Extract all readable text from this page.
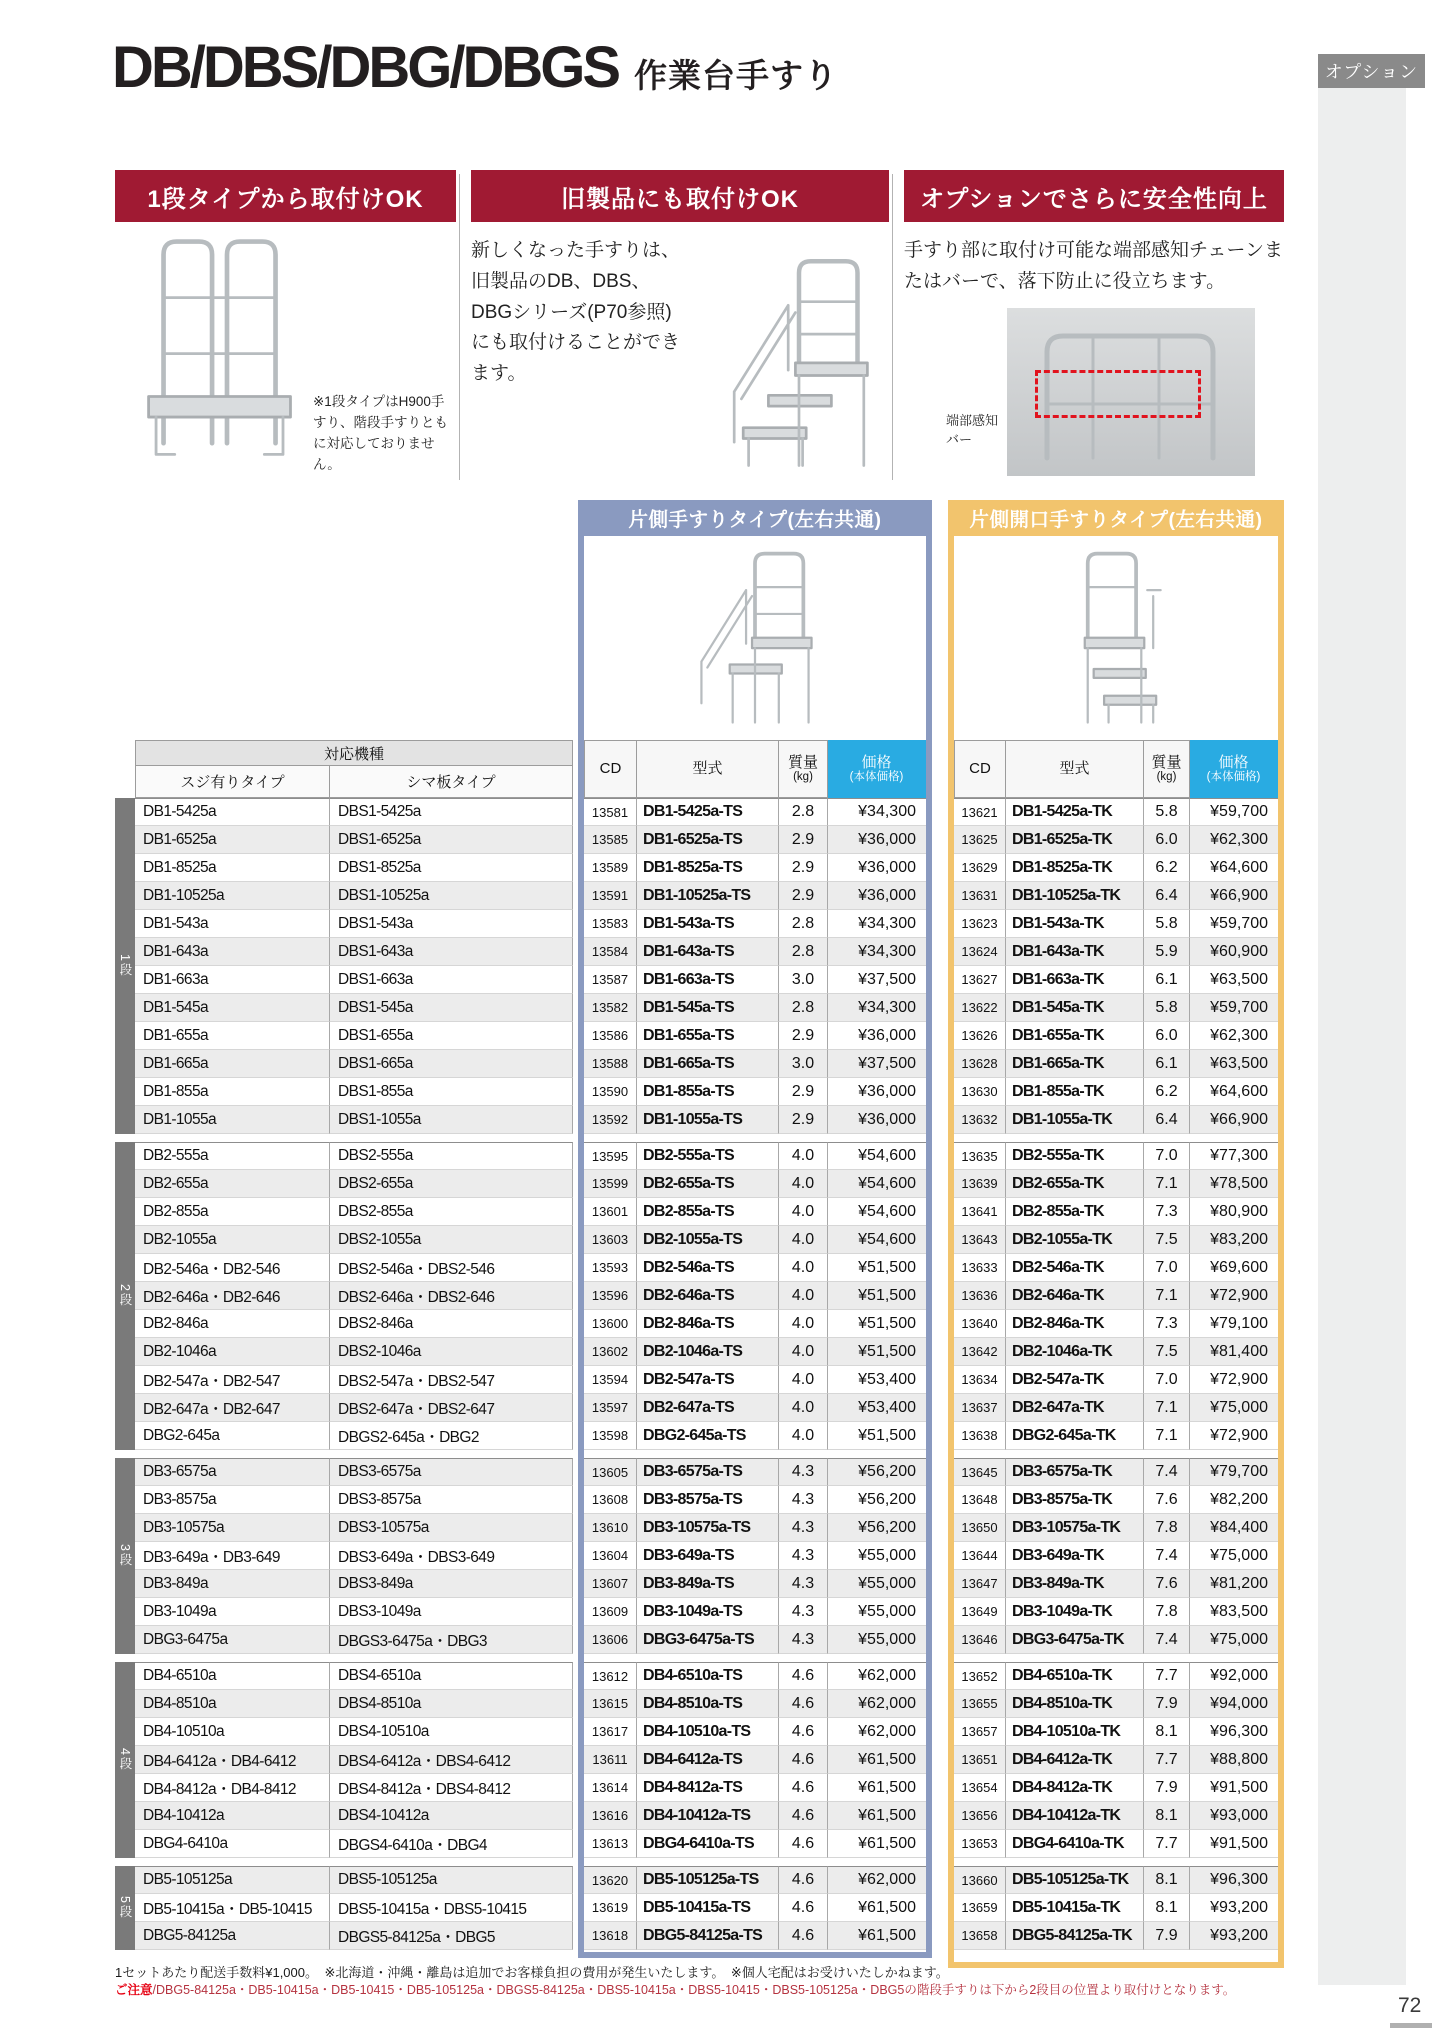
オプション
DB/DBS/DBG/DBGS 作業台手すり
1段タイプから取付けOK
※1段タイプはH900手すり、階段手すりともに対応しておりません。
旧製品にも取付けOK
新しくなった手すりは、旧製品のDB、DBS、DBGシリーズ(P70参照)にも取付けることができます。
オプションでさらに安全性向上
手すり部に取付け可能な端部感知チェーンまたはバーで、落下防止に役立ちます。
端部感知バー
片側手すりタイプ(左右共通)	片側開口手すりタイプ(左右共通)
対応機種
スジ有りタイプ	シマ板タイプ
CD	型式	質量
(kg)
価格
(本体価格)	CD	型式	質量
(kg)
価格
(本体価格)
DB1-5425a	DBS1-5425a	13581 DB1-5425a-TS	2.8	¥34,300	13621 DB1-5425a-TK	5.8	¥59,700
DB1-6525a	DBS1-6525a	13585 DB1-6525a-TS	2.9	¥36,000	13625 DB1-6525a-TK	6.0	¥62,300
DB1-8525a	DBS1-8525a	13589 DB1-8525a-TS	2.9	¥36,000	13629 DB1-8525a-TK	6.2	¥64,600
DB1-10525a	DBS1-10525a	13591 DB1-10525a-TS	2.9	¥36,000	13631 DB1-10525a-TK	6.4	¥66,900
DB1-543a	DBS1-543a	13583 DB1-543a-TS	2.8	¥34,300	13623 DB1-543a-TK	5.8	¥59,700
DB1-643a	DBS1-643a	13584 DB1-643a-TS	2.8	¥34,300	13624 DB1-643a-TK	5.9	¥60,900
DB1-663a	DBS1-663a	13587 DB1-663a-TS	3.0	¥37,500	13627 DB1-663a-TK	6.1	¥63,500
DB1-545a	DBS1-545a	13582 DB1-545a-TS	2.8	¥34,300	13622 DB1-545a-TK	5.8	¥59,700
DB1-655a	DBS1-655a	13586 DB1-655a-TS	2.9	¥36,000	13626 DB1-655a-TK	6.0	¥62,300
DB1-665a	DBS1-665a	13588 DB1-665a-TS	3.0	¥37,500	13628 DB1-665a-TK	6.1	¥63,500
DB1-855a	DBS1-855a	13590 DB1-855a-TS	2.9	¥36,000	13630 DB1-855a-TK	6.2	¥64,600
DB1-1055a	DBS1-1055a	13592 DB1-1055a-TS	2.9	¥36,000	13632 DB1-1055a-TK	6.4	¥66,900
1段
DB2-555a	DBS2-555a	13595 DB2-555a-TS	4.0	¥54,600	13635 DB2-555a-TK	7.0	¥77,300
DB2-655a	DBS2-655a	13599 DB2-655a-TS	4.0	¥54,600	13639 DB2-655a-TK	7.1	¥78,500
DB2-855a	DBS2-855a	13601 DB2-855a-TS	4.0	¥54,600	13641 DB2-855a-TK	7.3	¥80,900
DB2-1055a	DBS2-1055a	13603 DB2-1055a-TS	4.0	¥54,600	13643 DB2-1055a-TK	7.5	¥83,200
DB2-546a・DB2-546	DBS2-546a・DBS2-546	13593 DB2-546a-TS	4.0	¥51,500	13633 DB2-546a-TK	7.0	¥69,600
DB2-646a・DB2-646	DBS2-646a・DBS2-646	13596 DB2-646a-TS	4.0	¥51,500	13636 DB2-646a-TK	7.1	¥72,900
DB2-846a	DBS2-846a	13600 DB2-846a-TS	4.0	¥51,500	13640 DB2-846a-TK	7.3	¥79,100
DB2-1046a	DBS2-1046a	13602 DB2-1046a-TS	4.0	¥51,500	13642 DB2-1046a-TK	7.5	¥81,400
DB2-547a・DB2-547	DBS2-547a・DBS2-547	13594 DB2-547a-TS	4.0	¥53,400	13634 DB2-547a-TK	7.0	¥72,900
DB2-647a・DB2-647	DBS2-647a・DBS2-647	13597 DB2-647a-TS	4.0	¥53,400	13637 DB2-647a-TK	7.1	¥75,000
DBG2-645a	DBGS2-645a・DBG2	13598 DBG2-645a-TS	4.0	¥51,500	13638 DBG2-645a-TK	7.1	¥72,900
2段
DB3-6575a	DBS3-6575a	13605 DB3-6575a-TS	4.3	¥56,200	13645 DB3-6575a-TK	7.4	¥79,700
DB3-8575a	DBS3-8575a	13608 DB3-8575a-TS	4.3	¥56,200	13648 DB3-8575a-TK	7.6	¥82,200
DB3-10575a	DBS3-10575a	13610 DB3-10575a-TS	4.3	¥56,200	13650 DB3-10575a-TK	7.8	¥84,400
DB3-649a・DB3-649	DBS3-649a・DBS3-649	13604 DB3-649a-TS	4.3	¥55,000	13644 DB3-649a-TK	7.4	¥75,000
DB3-849a	DBS3-849a	13607 DB3-849a-TS	4.3	¥55,000	13647 DB3-849a-TK	7.6	¥81,200
DB3-1049a	DBS3-1049a	13609 DB3-1049a-TS	4.3	¥55,000	13649 DB3-1049a-TK	7.8	¥83,500
DBG3-6475a	DBGS3-6475a・DBG3	13606 DBG3-6475a-TS	4.3	¥55,000	13646 DBG3-6475a-TK	7.4	¥75,000
3段
DB4-6510a	DBS4-6510a	13612 DB4-6510a-TS	4.6	¥62,000	13652 DB4-6510a-TK	7.7	¥92,000
DB4-8510a	DBS4-8510a	13615 DB4-8510a-TS	4.6	¥62,000	13655 DB4-8510a-TK	7.9	¥94,000
DB4-10510a	DBS4-10510a	13617 DB4-10510a-TS	4.6	¥62,000	13657 DB4-10510a-TK	8.1	¥96,300
DB4-6412a・DB4-6412	DBS4-6412a・DBS4-6412	13611 DB4-6412a-TS	4.6	¥61,500	13651 DB4-6412a-TK	7.7	¥88,800
DB4-8412a・DB4-8412	DBS4-8412a・DBS4-8412	13614 DB4-8412a-TS	4.6	¥61,500	13654 DB4-8412a-TK	7.9	¥91,500
DB4-10412a	DBS4-10412a	13616 DB4-10412a-TS	4.6	¥61,500	13656 DB4-10412a-TK	8.1	¥93,000
DBG4-6410a	DBGS4-6410a・DBG4	13613 DBG4-6410a-TS	4.6	¥61,500	13653 DBG4-6410a-TK	7.7	¥91,500
4段
DB5-105125a	DBS5-105125a	13620 DB5-105125a-TS	4.6	¥62,000	13660 DB5-105125a-TK	8.1	¥96,300
DB5-10415a・DB5-10415	DBS5-10415a・DBS5-10415	13619 DB5-10415a-TS	4.6	¥61,500	13659 DB5-10415a-TK	8.1	¥93,200
DBG5-84125a	DBGS5-84125a・DBG5	13618 DBG5-84125a-TS	4.6	¥61,500	13658 DBG5-84125a-TK	7.9	¥93,200
5段
1セットあたり配送手数料¥1,000。　※北海道・沖縄・離島は追加でお客様負担の費用が発生いたします。　※個人宅配はお受けいたしかねます。
ご注意/DBG5-84125a・DB5-10415a・DB5-10415・DB5-105125a・DBGS5-84125a・DBS5-10415a・DBS5-10415・DBS5-105125a・DBG5の階段手すりは下から2段目の位置より取付けとなります。
72
